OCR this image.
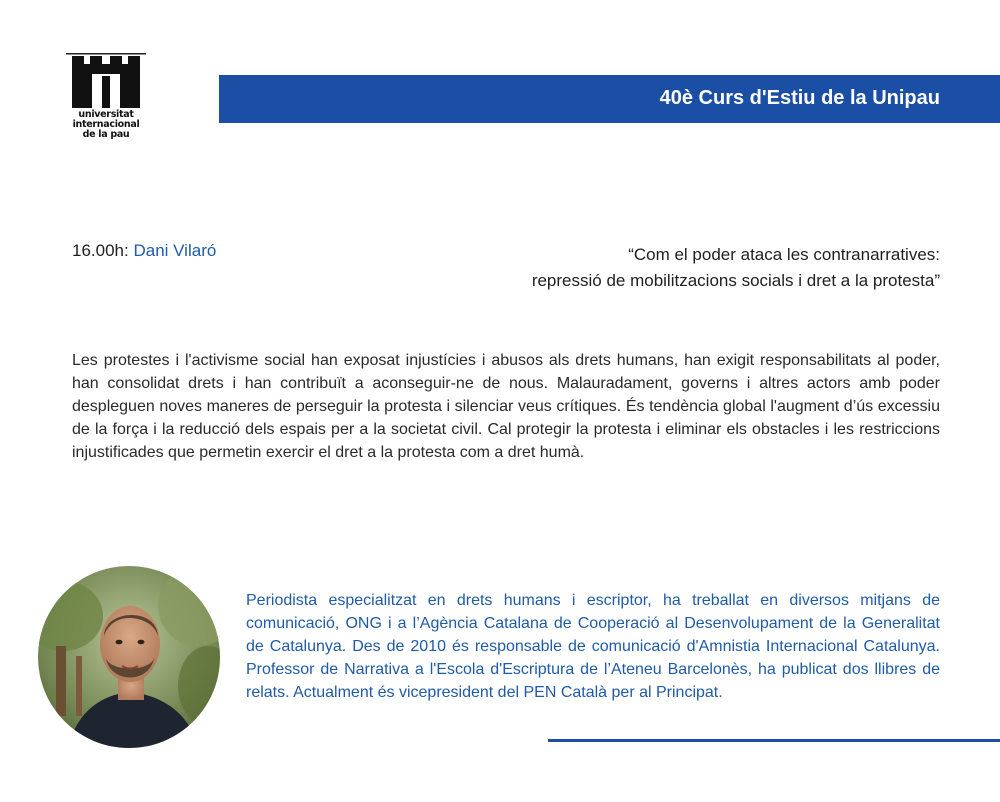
universitat
internacional
de la pau
40è Curs d'Estiu de la Unipau
16.00h: Dani Vilaró	“Com el poder ataca les contranarratives:
repressió de mobilitzacions socials i dret a la protesta”

Les protestes i l'activisme social han exposat injustícies i abusos als drets humans, han exigit responsabilitats al poder, han consolidat drets i han contribuït a aconseguir-ne de nous. Malauradament, governs i altres actors amb poder despleguen noves maneres de perseguir la protesta i silenciar veus crítiques. És tendència global l'augment d’ús excessiu de la força i la reducció dels espais per a la societat civil. Cal protegir la protesta i eliminar els obstacles i les restriccions injustificades que permetin exercir el dret a la protesta com a dret humà.

Periodista especialitzat en drets humans i escriptor, ha treballat en diversos mitjans de comunicació, ONG i a l’Agència Catalana de Cooperació al Desenvolupament de la Generalitat de Catalunya. Des de 2010 és responsable de comunicació d'Amnistia Internacional Catalunya. Professor de Narrativa a l'Escola d'Escriptura de l’Ateneu Barcelonès, ha publicat dos llibres de relats. Actualment és vicepresident del PEN Català per al Principat.
